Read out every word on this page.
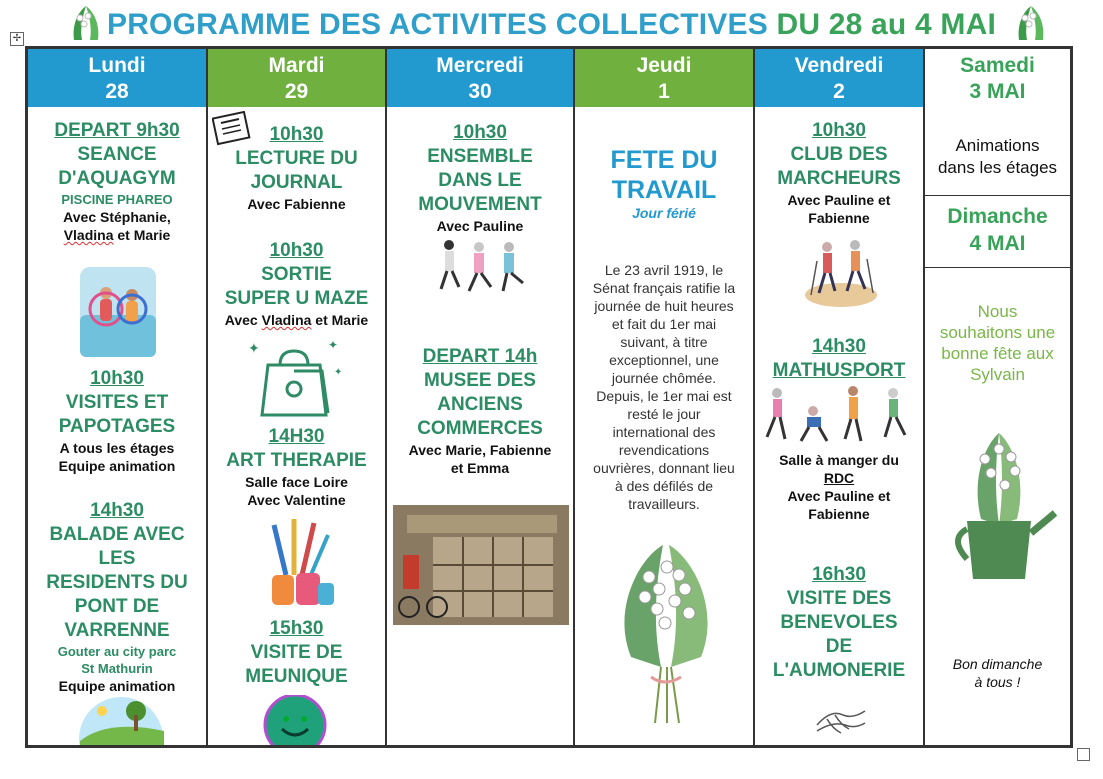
PROGRAMME DES ACTIVITES COLLECTIVES DU 28 au 4 MAI
✢
Lundi
28
DEPART 9h30
SEANCE
D'AQUAGYM
PISCINE PHAREO
Avec Stéphanie,
Vladina et Marie
10h30
VISITES ET
PAPOTAGES
A tous les étages
Equipe animation
14h30
BALADE AVEC
LES
RESIDENTS DU
PONT DE
VARRENNE
Gouter au city parc
St Mathurin
Equipe animation
Mardi
29
10h30
LECTURE DU
JOURNAL
Avec Fabienne
10h30
SORTIE
SUPER U MAZE
Avec Vladina et Marie
✦	✦
✦
14H30
ART THERAPIE
Salle face Loire
Avec Valentine
15h30
VISITE DE
MEUNIQUE
Mercredi
30
10h30
ENSEMBLE
DANS LE
MOUVEMENT
Avec Pauline
DEPART 14h
MUSEE DES
ANCIENS
COMMERCES
Avec Marie, Fabienne
et Emma
Jeudi
1
FETE DU
TRAVAIL
Jour férié
Le 23 avril 1919, le
Sénat français ratifie la
journée de huit heures
et fait du 1er mai
suivant, à titre
exceptionnel, une
journée chômée.
Depuis, le 1er mai est
resté le jour
international des
revendications
ouvrières, donnant lieu
à des défilés de
travailleurs.
Vendredi
2
10h30
CLUB DES
MARCHEURS
Avec Pauline et
Fabienne
14h30
MATHUSPORT
Salle à manger du
RDC
Avec Pauline et
Fabienne
16h30
VISITE DES
BENEVOLES
DE
L'AUMONERIE
Samedi
3 MAI
Animations
dans les étages
Dimanche
4 MAI
Nous
souhaitons une
bonne fête aux
Sylvain
Bon dimanche
à tous !
